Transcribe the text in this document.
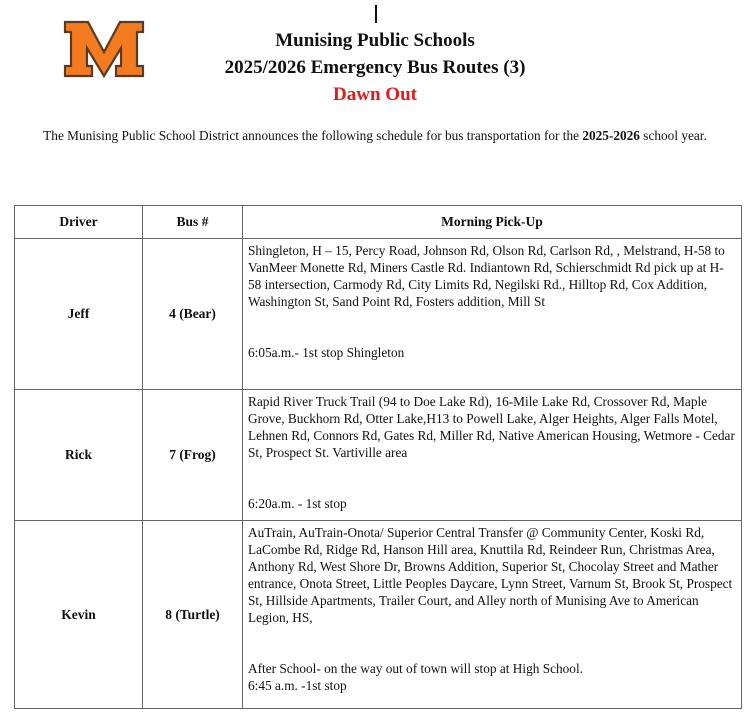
Munising Public Schools
2025/2026 Emergency Bus Routes (3)
Dawn Out
The Munising Public School District announces the following schedule for bus transportation for the 2025-2026 school year.
Driver	Bus #	Morning Pick-Up
Jeff	4 (Bear)	Shingleton, H – 15, Percy Road, Johnson Rd, Olson Rd, Carlson Rd, , Melstrand, H-58 to VanMeer Monette Rd, Miners Castle Rd. Indiantown Rd, Schierschmidt Rd pick up at H-58 intersection, Carmody Rd, City Limits Rd, Negilski Rd., Hilltop Rd, Cox Addition, Washington St, Sand Point Rd, Fosters addition, Mill St
6:05a.m.- 1st stop Shingleton

Rick	7 (Frog)	Rapid River Truck Trail (94 to Doe Lake Rd), 16-Mile Lake Rd, Crossover Rd, Maple Grove, Buckhorn Rd, Otter Lake,H13 to Powell Lake, Alger Heights, Alger Falls Motel, Lehnen Rd, Connors Rd, Gates Rd, Miller Rd, Native American Housing, Wetmore - Cedar St, Prospect St. Vartiville area
6:20a.m. - 1st stop

Kevin	8 (Turtle)	AuTrain, AuTrain-Onota/ Superior Central Transfer @ Community Center, Koski Rd, LaCombe Rd, Ridge Rd, Hanson Hill area, Knuttila Rd, Reindeer Run, Christmas Area, Anthony Rd, West Shore Dr, Browns Addition, Superior St, Chocolay Street and Mather entrance, Onota Street, Little Peoples Daycare, Lynn Street, Varnum St, Brook St, Prospect St, Hillside Apartments, Trailer Court, and Alley north of Munising Ave to American Legion, HS,
After School- on the way out of town will stop at High School.
6:45 a.m. -1st stop
